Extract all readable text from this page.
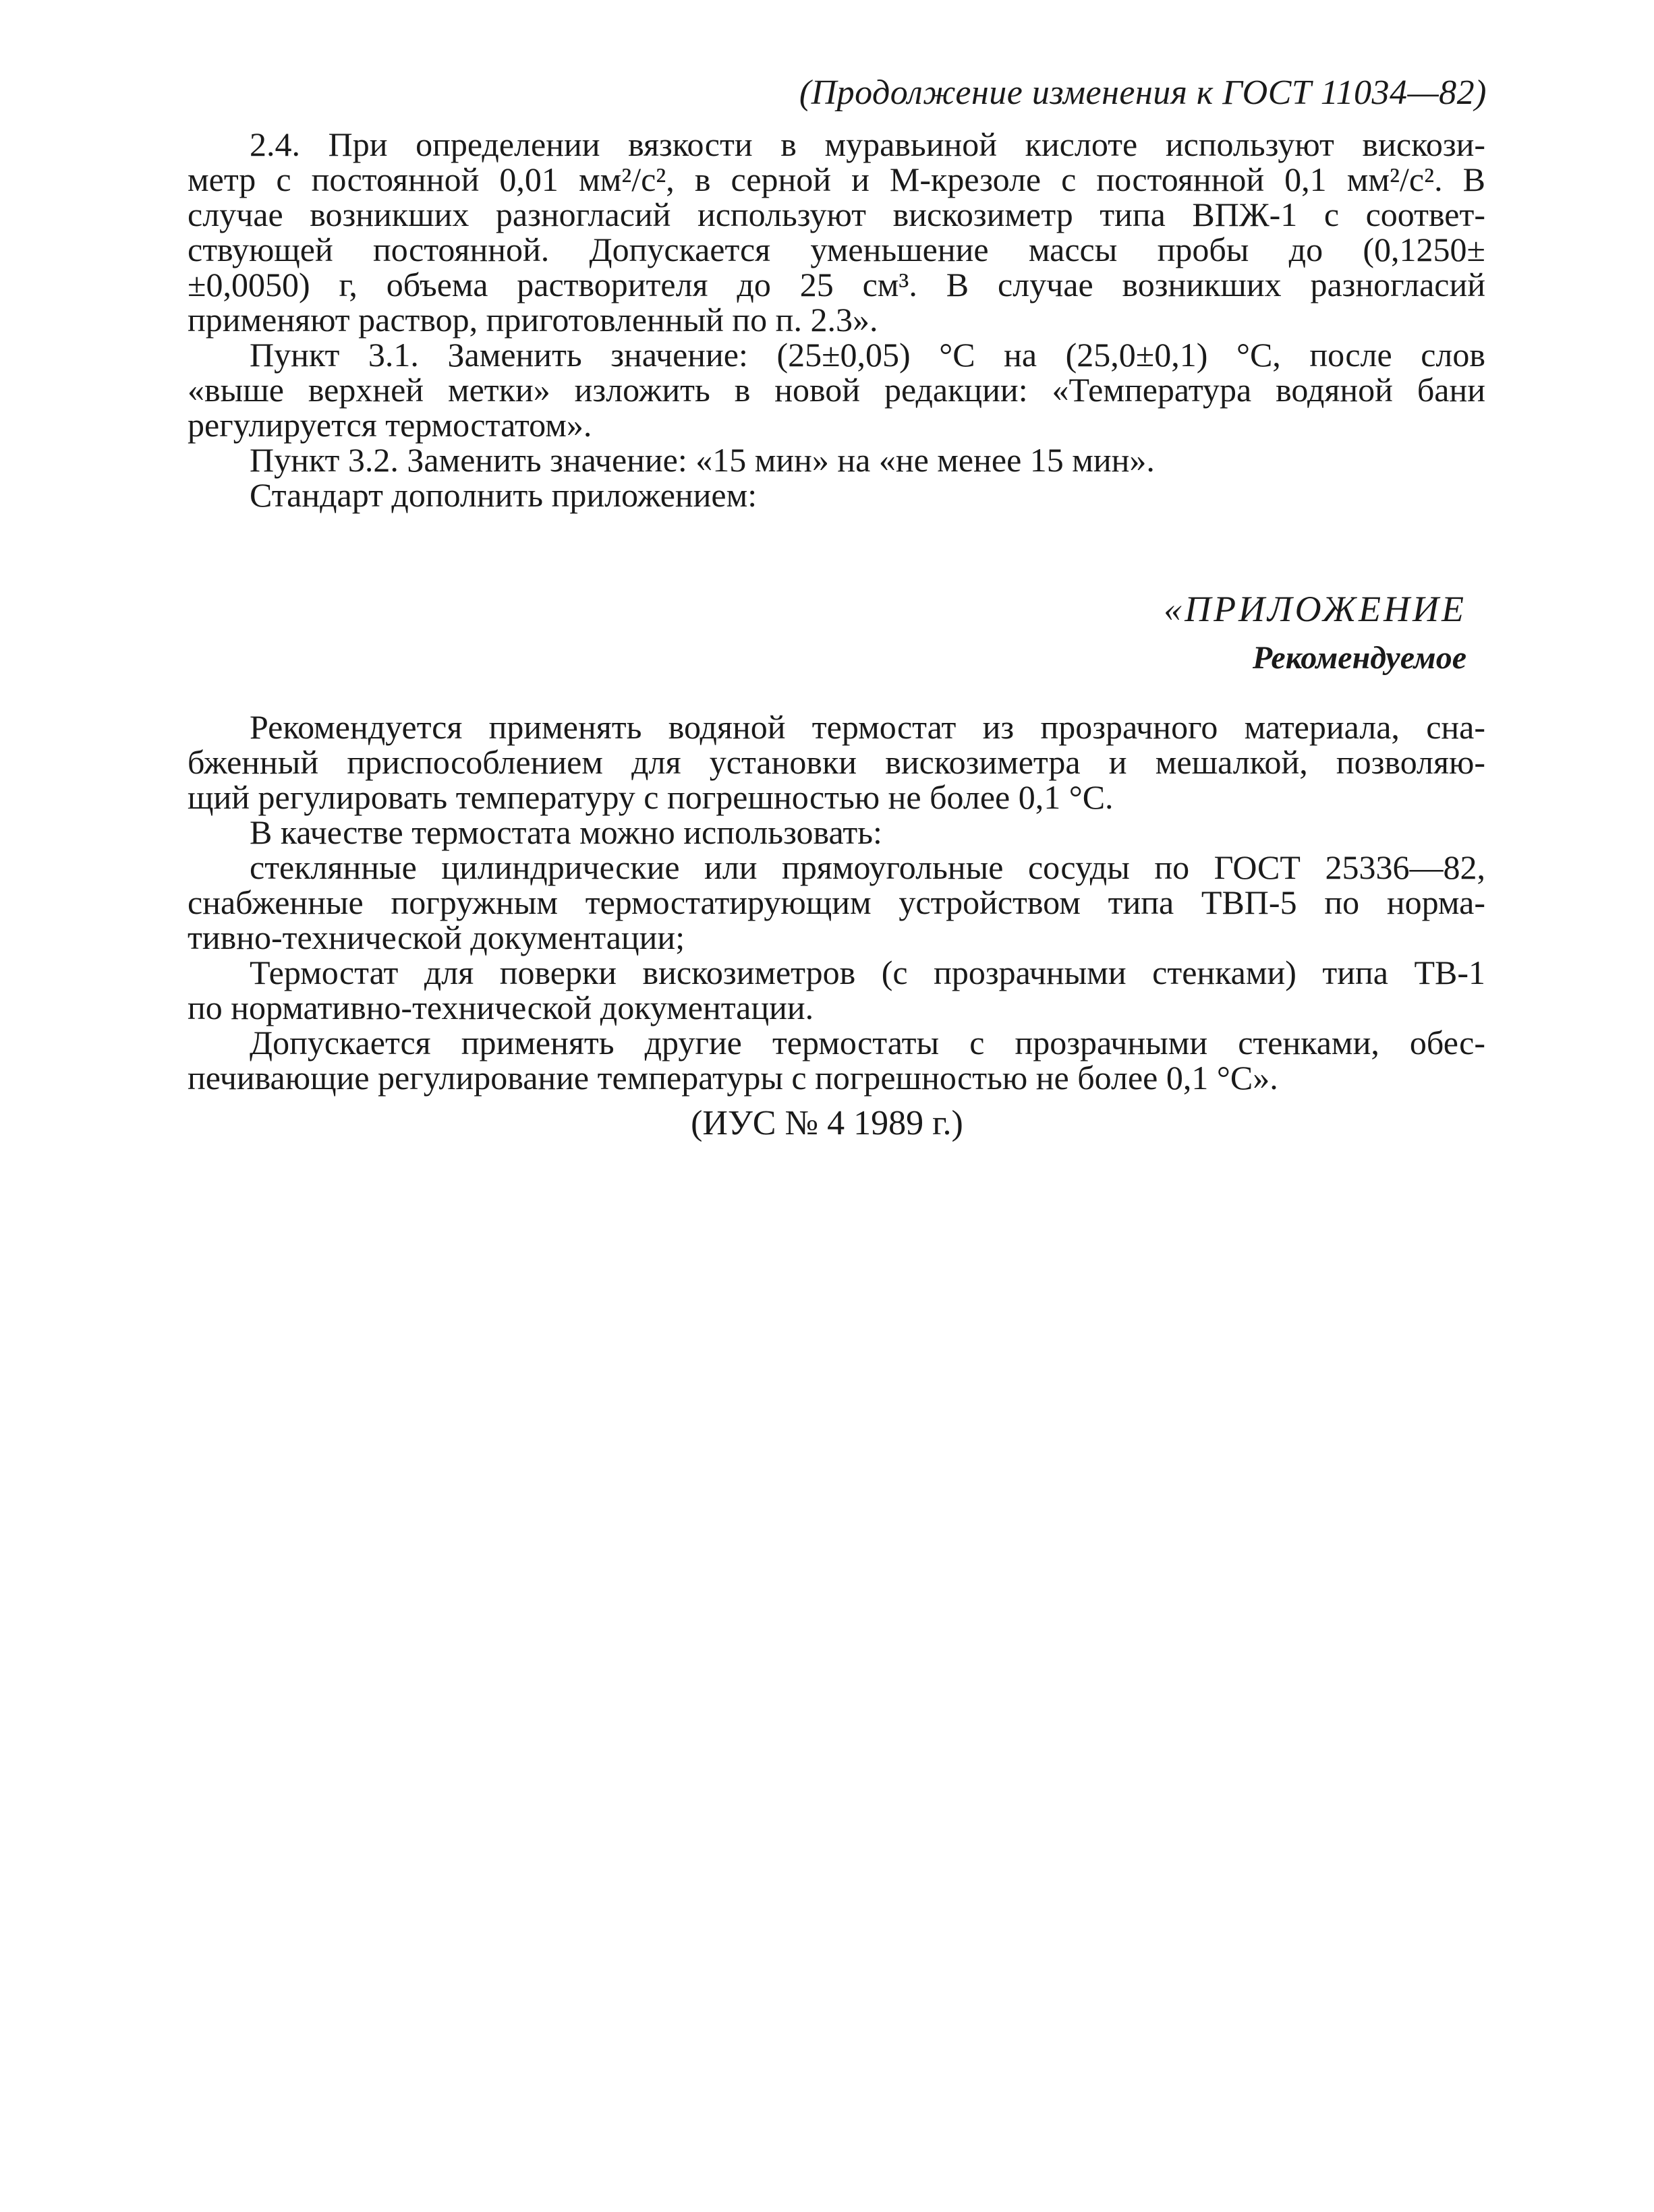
(Продолжение изменения к ГОСТ 11034—82)

2.4. При определении вязкости в муравьиной кислоте используют вискози-

метр с постоянной 0,01 мм²/с², в серной и М-крезоле с постоянной 0,1 мм²/с². В

случае возникших разногласий используют вискозиметр типа ВПЖ-1 с соответ-

ствующей постоянной. Допускается уменьшение массы пробы до (0,1250±

±0,0050) г, объема растворителя до 25 см³. В случае возникших разногласий

применяют раствор, приготовленный по п. 2.3».

Пункт 3.1. Заменить значение: (25±0,05) °С на (25,0±0,1) °С, после слов

«выше верхней метки» изложить в новой редакции: «Температура водяной бани

регулируется термостатом».

Пункт 3.2. Заменить значение: «15 мин» на «не менее 15 мин».

Стандарт дополнить приложением:

«ПРИЛОЖЕНИЕ
Рекомендуемое

Рекомендуется применять водяной термостат из прозрачного материала, сна-

бженный приспособлением для установки вискозиметра и мешалкой, позволяю-

щий регулировать температуру с погрешностью не более 0,1 °С.

В качестве термостата можно использовать:

стеклянные цилиндрические или прямоугольные сосуды по ГОСТ 25336—82,

снабженные погружным термостатирующим устройством типа ТВП-5 по норма-

тивно-технической документации;

Термостат для поверки вискозиметров (с прозрачными стенками) типа ТВ-1

по нормативно-технической документации.

Допускается применять другие термостаты с прозрачными стенками, обес-

печивающие регулирование температуры с погрешностью не более 0,1 °С».

(ИУС № 4 1989 г.)
